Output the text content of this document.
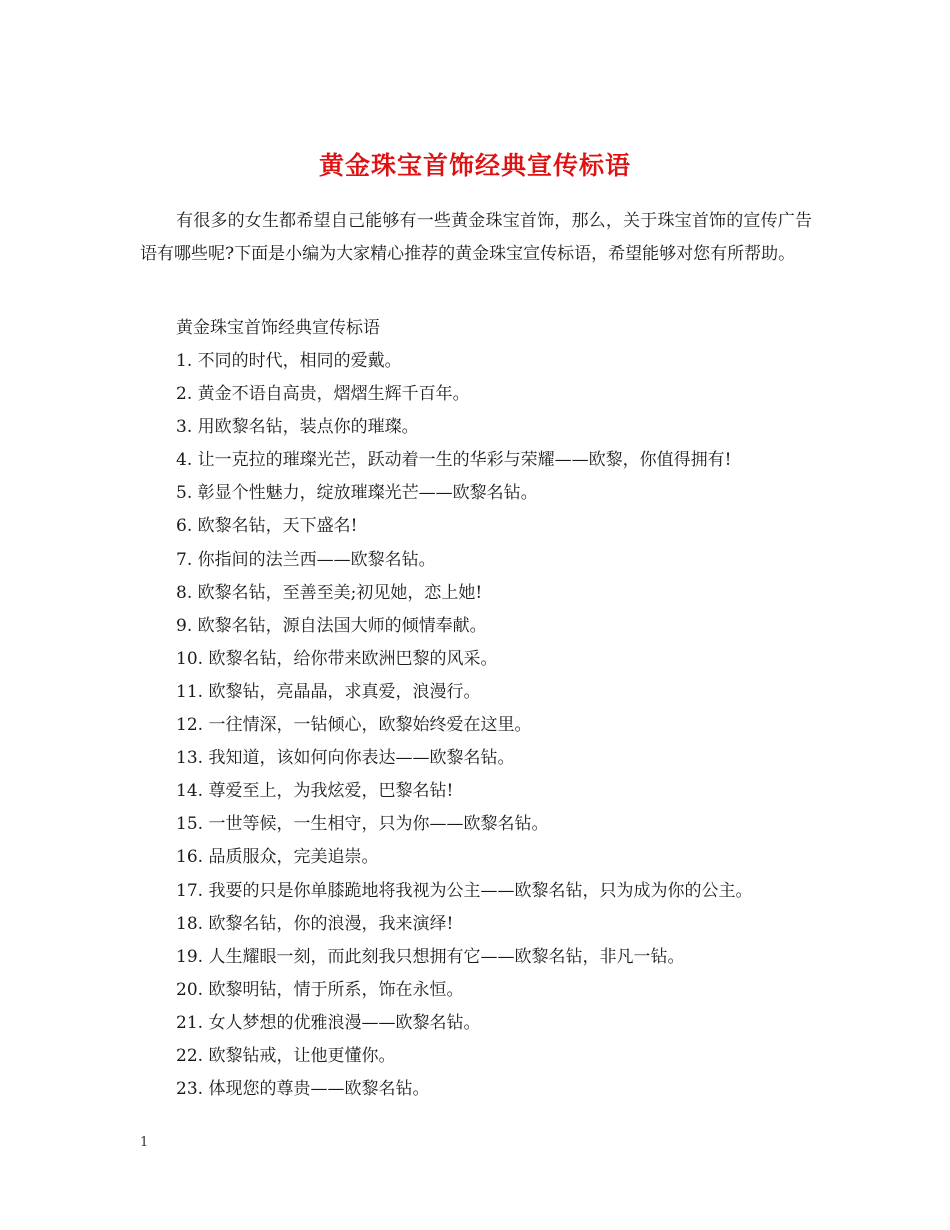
黄金珠宝首饰经典宣传标语

有很多的女生都希望自己能够有一些黄金珠宝首饰，那么，关于珠宝首饰的宣传广告语有哪些呢?下面是小编为大家精心推荐的黄金珠宝宣传标语，希望能够对您有所帮助。

黄金珠宝首饰经典宣传标语

1. 不同的时代，相同的爱戴。
2. 黄金不语自高贵，熠熠生辉千百年。
3. 用欧黎名钻，装点你的璀璨。
4. 让一克拉的璀璨光芒，跃动着一生的华彩与荣耀——欧黎，你值得拥有!
5. 彰显个性魅力，绽放璀璨光芒——欧黎名钻。
6. 欧黎名钻，天下盛名!
7. 你指间的法兰西——欧黎名钻。
8. 欧黎名钻，至善至美;初见她，恋上她!
9. 欧黎名钻，源自法国大师的倾情奉献。
10. 欧黎名钻，给你带来欧洲巴黎的风采。
11. 欧黎钻，亮晶晶，求真爱，浪漫行。
12. 一往情深，一钻倾心，欧黎始终爱在这里。
13. 我知道，该如何向你表达——欧黎名钻。
14. 尊爱至上，为我炫爱，巴黎名钻!
15. 一世等候，一生相守，只为你——欧黎名钻。
16. 品质服众，完美追崇。
17. 我要的只是你单膝跪地将我视为公主——欧黎名钻，只为成为你的公主。
18. 欧黎名钻，你的浪漫，我来演绎!
19. 人生耀眼一刻，而此刻我只想拥有它——欧黎名钻，非凡一钻。
20. 欧黎明钻，情于所系，饰在永恒。
21. 女人梦想的优雅浪漫——欧黎名钻。
22. 欧黎钻戒，让他更懂你。
23. 体现您的尊贵——欧黎名钻。
1
